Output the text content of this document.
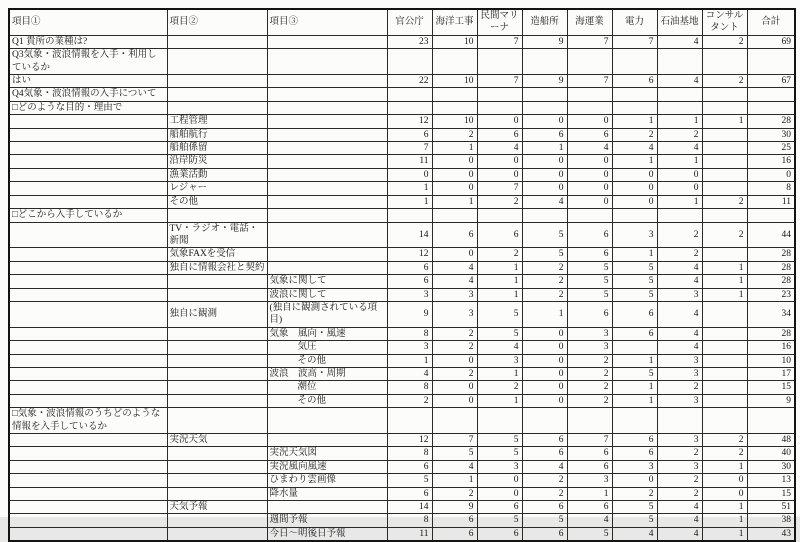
項目①	項目②	項目③	官公庁	海洋工事	民間マリーナ	造船所	海運業	電力	石油基地	コンサルタント	合計
Q1 貴所の業種は?			23	10	7	9	7	7	4	2	69
Q3気象・波浪情報を入手・利用しているか											
はい			22	10	7	9	7	6	4	2	67
Q4気象・波浪情報の入手について											
□どのような目的・理由で											
	工程管理		12	10	0	0	0	1	1	1	28
	船舶航行		6	2	6	6	6	2	2		30
	船舶係留		7	1	4	1	4	4	4		25
	沿岸防災		11	0	0	0	0	1	1		16
	漁業活動		0	0	0	0	0	0	0		0
	レジャー		1	0	7	0	0	0	0		8
	その他		1	1	2	4	0	0	1	2	11
□どこから入手しているか											
	TV・ラジオ・電話・新聞		14	6	6	5	6	3	2	2	44
	気象FAXを受信		12	0	2	5	6	1	2		28
	独自に情報会社と契約		6	4	1	2	5	5	4	1	28
		気象に関して	6	4	1	2	5	5	4	1	28
		波浪に関して	3	3	1	2	5	5	3	1	23
	独自に観測	(独自に観測されている項目)	9	3	5	1	6	6	4		34
		気象　風向・風速	8	2	5	0	3	6	4		28
		気圧	3	2	4	0	3		4		16
		その他	1	0	3	0	2	1	3		10
		波浪　波高・周期	4	2	1	0	2	5	3		17
		潮位	8	0	2	0	2	1	2		15
		その他	2	0	1	0	2	1	3		9
□気象・波浪情報のうちどのような情報を入手しているか											
	実況天気		12	7	5	6	7	6	3	2	48
		実況天気図	8	5	5	6	6	6	2	2	40
		実況風向風速	6	4	3	4	6	3	3	1	30
		ひまわり雲画像	5	1	0	2	3	0	2	0	13
		降水量	6	2	0	2	1	2	2	0	15
	天気予報		14	9	6	6	6	5	4	1	51
		週間予報	8	6	5	5	4	5	4	1	38
		今日〜明後日予報	11	6	6	6	5	4	4	1	43
